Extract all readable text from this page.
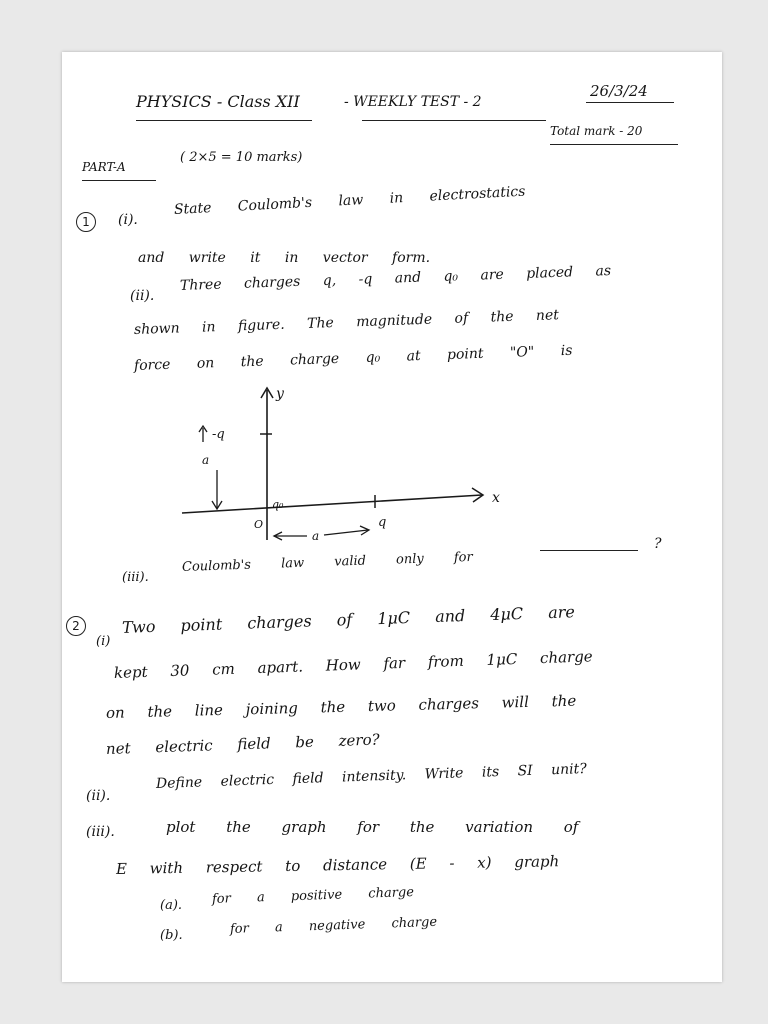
PHYSICS - Class XII	- WEEKLY TEST - 2
26/3/24
Total mark - 20
PART-A
( 2×5 = 10 marks)
1	(i).
State Coulomb's law in electrostatics
and write it in vector form.
(ii).
Three charges q, -q and q₀ are placed as
shown in figure. The magnitude of the net
force on the charge q₀ at point "O" is
y
x
-q
a
q₀
O	q
a
(iii).
Coulomb's law valid only for
?
2
(i)
Two point charges of 1μC and 4μC are
kept 30 cm apart. How far from 1μC charge
on the line joining the two charges will the
net electric field be zero?
(ii).
Define electric field intensity. Write its SI unit?
(iii).	plot the graph for the variation of
E with respect to distance (E - x) graph
(a). for a positive charge
(b).	for a negative charge
